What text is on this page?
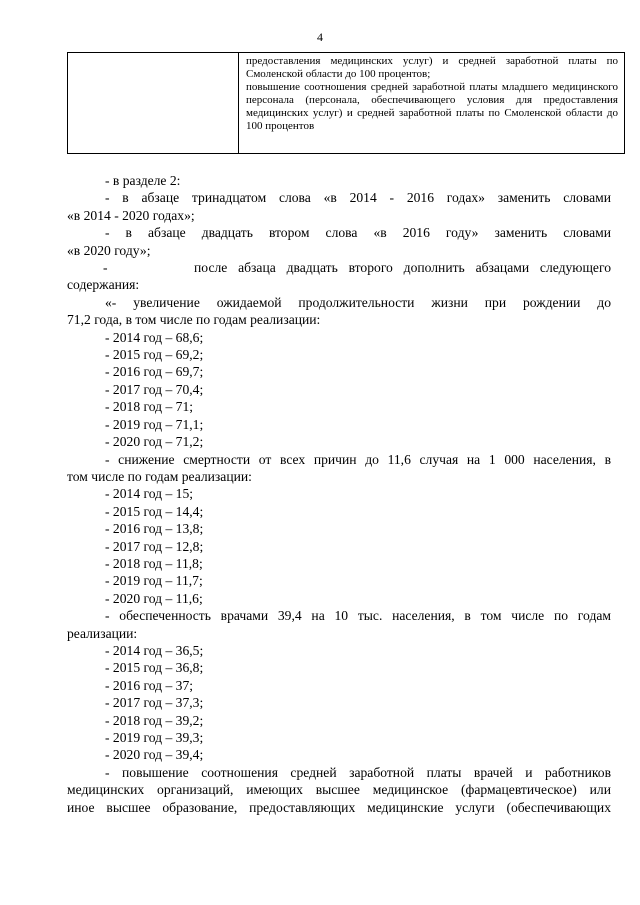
4
предоставления медицинских услуг) и средней заработной платы по
Смоленской области до 100 процентов;
повышение соотношения средней заработной платы младшего медицинского
персонала (персонала, обеспечивающего условия для предоставления
медицинских услуг) и средней заработной платы по Смоленской области до
100 процентов
- в разделе 2:
- в абзаце тринадцатом слова «в 2014 - 2016 годах» заменить словами
«в 2014 - 2020 годах»;
- в абзаце двадцать втором слова «в 2016 году» заменить словами
«в 2020 году»;
-	после абзаца двадцать второго дополнить абзацами следующего
содержания:
«- увеличение ожидаемой продолжительности жизни при рождении до
71,2 года, в том числе по годам реализации:
- 2014 год – 68,6;
- 2015 год – 69,2;
- 2016 год – 69,7;
- 2017 год – 70,4;
- 2018 год – 71;
- 2019 год – 71,1;
- 2020 год – 71,2;
- снижение смертности от всех причин до 11,6 случая на 1 000 населения, в
том числе по годам реализации:
- 2014 год – 15;
- 2015 год – 14,4;
- 2016 год – 13,8;
- 2017 год – 12,8;
- 2018 год – 11,8;
- 2019 год – 11,7;
- 2020 год – 11,6;
- обеспеченность врачами 39,4 на 10 тыс. населения, в том числе по годам
реализации:
- 2014 год – 36,5;
- 2015 год – 36,8;
- 2016 год – 37;
- 2017 год – 37,3;
- 2018 год – 39,2;
- 2019 год – 39,3;
- 2020 год – 39,4;
- повышение соотношения средней заработной платы врачей и работников
медицинских организаций, имеющих высшее медицинское (фармацевтическое) или
иное высшее образование, предоставляющих медицинские услуги (обеспечивающих
